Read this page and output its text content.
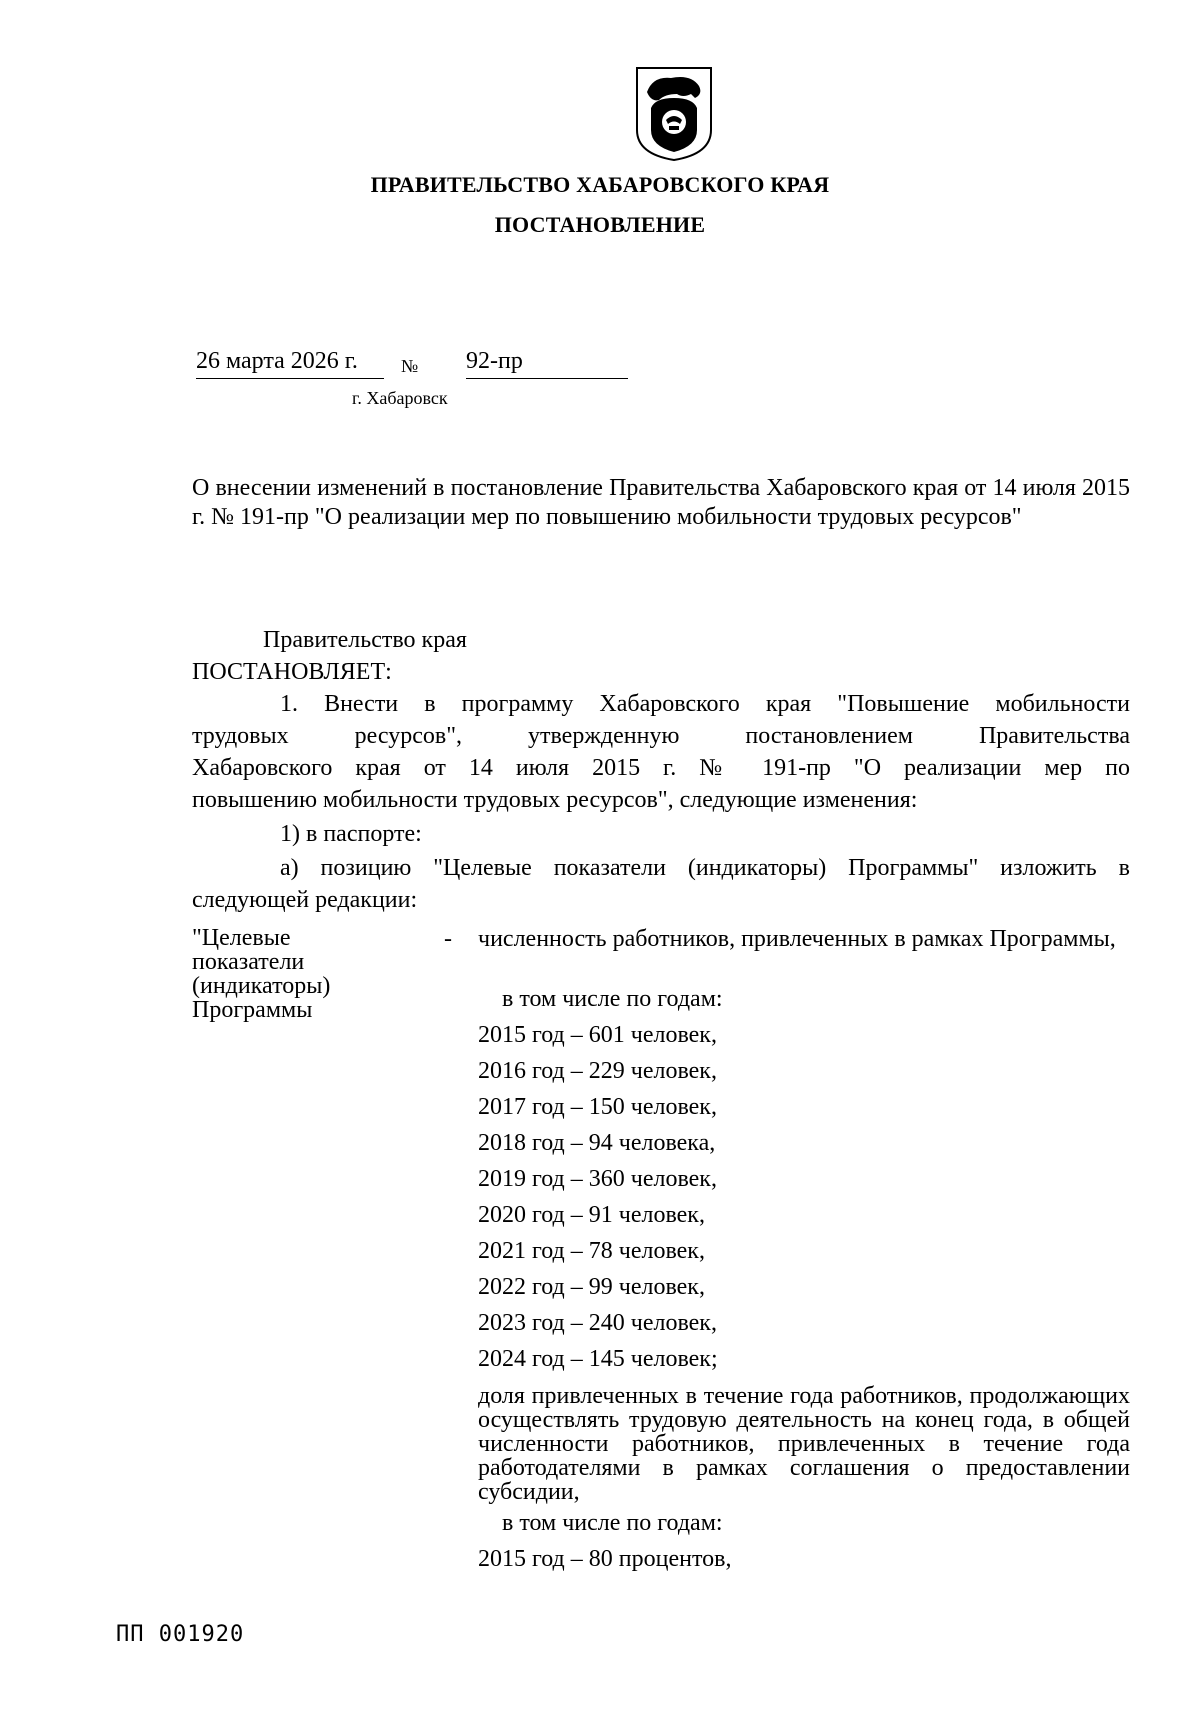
ПРАВИТЕЛЬСТВО ХАБАРОВСКОГО КРАЯ
ПОСТАНОВЛЕНИЕ
26 марта 2026 г. № 92-пр
г. Хабаровск
О внесении изменений в постановление Правительства Хабаровского края от 14 июля 2015 г. № 191-пр "О реализации мер по повышению мобильности трудовых ресурсов"
Правительство края
ПОСТАНОВЛЯЕТ:
1. Внести в программу Хабаровского края "Повышение мобильности
трудовых ресурсов", утвержденную постановлением Правительства
Хабаровского края от 14 июля 2015 г. № 191-пр "О реализации мер по
повышению мобильности трудовых ресурсов", следующие изменения:
1) в паспорте:
а) позицию "Целевые показатели (индикаторы) Программы" изложить в
следующей редакции:
"Целевые показатели (индикаторы) Программы
- численность работников, привлеченных в рамках Программы,
в том числе по годам:
2015 год – 601 человек,
2016 год – 229 человек,
2017 год – 150 человек,
2018 год – 94 человека,
2019 год – 360 человек,
2020 год – 91 человек,
2021 год – 78 человек,
2022 год – 99 человек,
2023 год – 240 человек,
2024 год – 145 человек;
доля привлеченных в течение года работников, продолжающих осуществлять трудовую деятельность на конец года, в общей численности работников, привлеченных в течение года работодателями в рамках соглашения о предоставлении субсидии,
в том числе по годам:
2015 год – 80 процентов,
ПП 001920
